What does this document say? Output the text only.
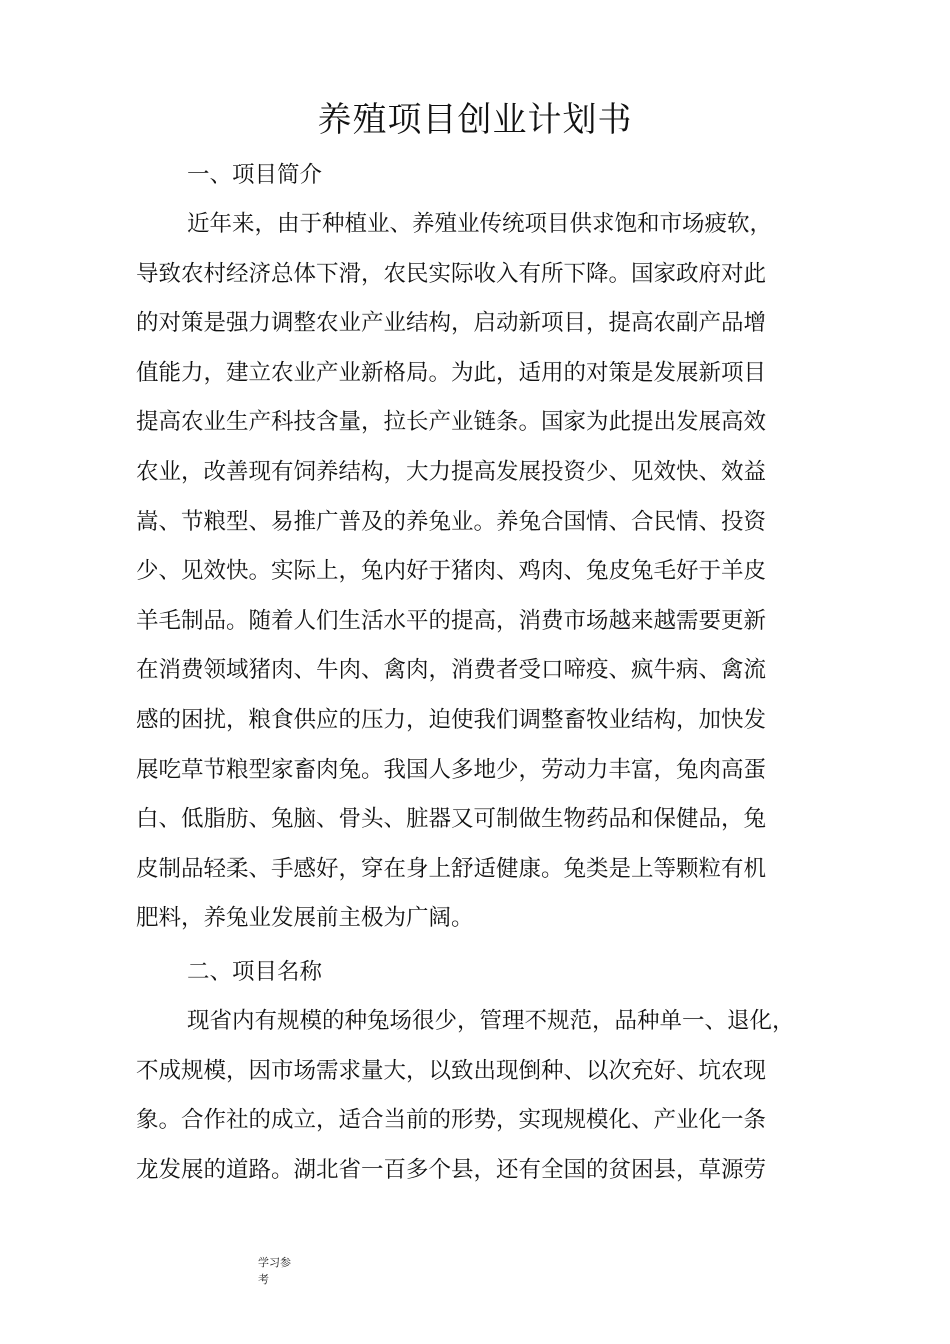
养殖项目创业计划书
一、项目简介
近年来，由于种植业、养殖业传统项目供求饱和市场疲软，
导致农村经济总体下滑，农民实际收入有所下降。国家政府对此
的对策是强力调整农业产业结构，启动新项目，提高农副产品增
值能力，建立农业产业新格局。为此，适用的对策是发展新项目
提高农业生产科技含量，拉长产业链条。国家为此提出发展高效
农业，改善现有饲养结构，大力提高发展投资少、见效快、效益
嵩、节粮型、易推广普及的养兔业。养兔合国情、合民情、投资
少、见效快。实际上，兔内好于猪肉、鸡肉、兔皮兔毛好于羊皮
羊毛制品。随着人们生活水平的提高，消费市场越来越需要更新
在消费领域猪肉、牛肉、禽肉，消费者受口啼疫、疯牛病、禽流
感的困扰，粮食供应的压力，迫使我们调整畜牧业结构，加快发
展吃草节粮型家畜肉兔。我国人多地少，劳动力丰富，兔肉高蛋
白、低脂肪、兔脑、骨头、脏器又可制做生物药品和保健品，兔
皮制品轻柔、手感好，穿在身上舒适健康。兔类是上等颗粒有机
肥料，养兔业发展前主极为广阔。
二、项目名称
现省内有规模的种兔场很少，管理不规范，品种单一、退化，
不成规模，因市场需求量大，以致出现倒种、以次充好、坑农现
象。合作社的成立，适合当前的形势，实现规模化、产业化一条
龙发展的道路。湖北省一百多个县，还有全国的贫困县，草源劳
学习参
考
